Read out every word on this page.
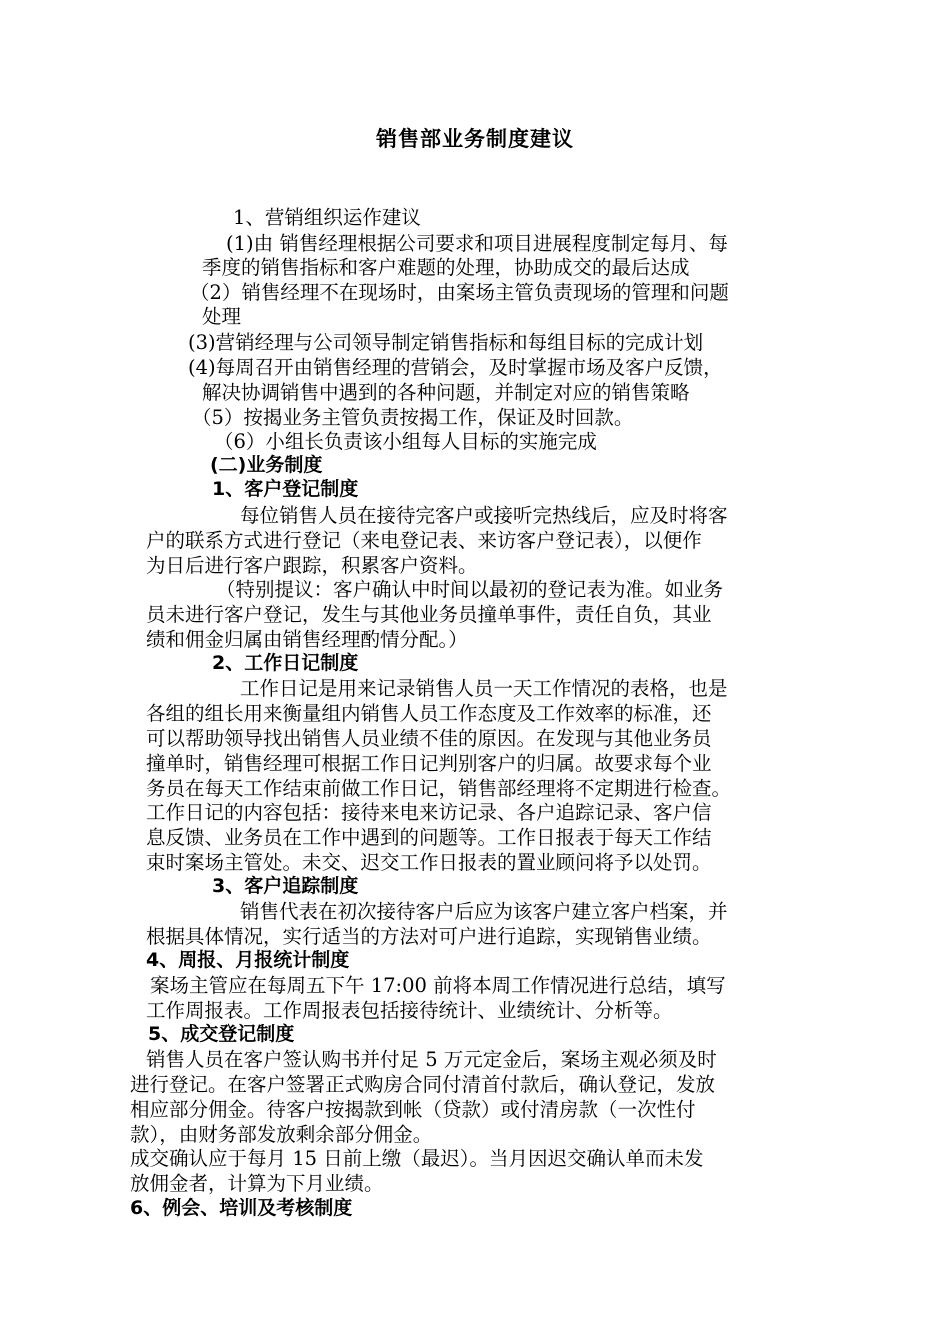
销售部业务制度建议
1、营销组织运作建议
(1)由 销售经理根据公司要求和项目进展程度制定每月、每
季度的销售指标和客户难题的处理，协助成交的最后达成
（2）销售经理不在现场时，由案场主管负责现场的管理和问题
处理
(3)营销经理与公司领导制定销售指标和每组目标的完成计划
(4)每周召开由销售经理的营销会，及时掌握市场及客户反馈，
解决协调销售中遇到的各种问题，并制定对应的销售策略
（5）按揭业务主管负责按揭工作，保证及时回款。
（6）小组长负责该小组每人目标的实施完成
(二)业务制度
1、客户登记制度
每位销售人员在接待完客户或接听完热线后，应及时将客
户的联系方式进行登记（来电登记表、来访客户登记表），以便作
为日后进行客户跟踪，积累客户资料。
（特别提议：客户确认中时间以最初的登记表为准。如业务
员未进行客户登记，发生与其他业务员撞单事件，责任自负，其业
绩和佣金归属由销售经理酌情分配。）
2、工作日记制度
工作日记是用来记录销售人员一天工作情况的表格，也是
各组的组长用来衡量组内销售人员工作态度及工作效率的标准，还
可以帮助领导找出销售人员业绩不佳的原因。在发现与其他业务员
撞单时，销售经理可根据工作日记判别客户的归属。故要求每个业
务员在每天工作结束前做工作日记，销售部经理将不定期进行检查。
工作日记的内容包括：接待来电来访记录、各户追踪记录、客户信
息反馈、业务员在工作中遇到的问题等。工作日报表于每天工作结
束时案场主管处。未交、迟交工作日报表的置业顾问将予以处罚。
3、客户追踪制度
销售代表在初次接待客户后应为该客户建立客户档案，并
根据具体情况，实行适当的方法对可户进行追踪，实现销售业绩。
4、周报、月报统计制度
案场主管应在每周五下午 17:00 前将本周工作情况进行总结，填写
工作周报表。工作周报表包括接待统计、业绩统计、分析等。
5、成交登记制度
销售人员在客户签认购书并付足 5 万元定金后，案场主观必须及时
进行登记。在客户签署正式购房合同付清首付款后，确认登记，发放
相应部分佣金。待客户按揭款到帐（贷款）或付清房款（一次性付
款），由财务部发放剩余部分佣金。
成交确认应于每月 15 日前上缴（最迟）。当月因迟交确认单而未发
放佣金者，计算为下月业绩。
6、例会、培训及考核制度
